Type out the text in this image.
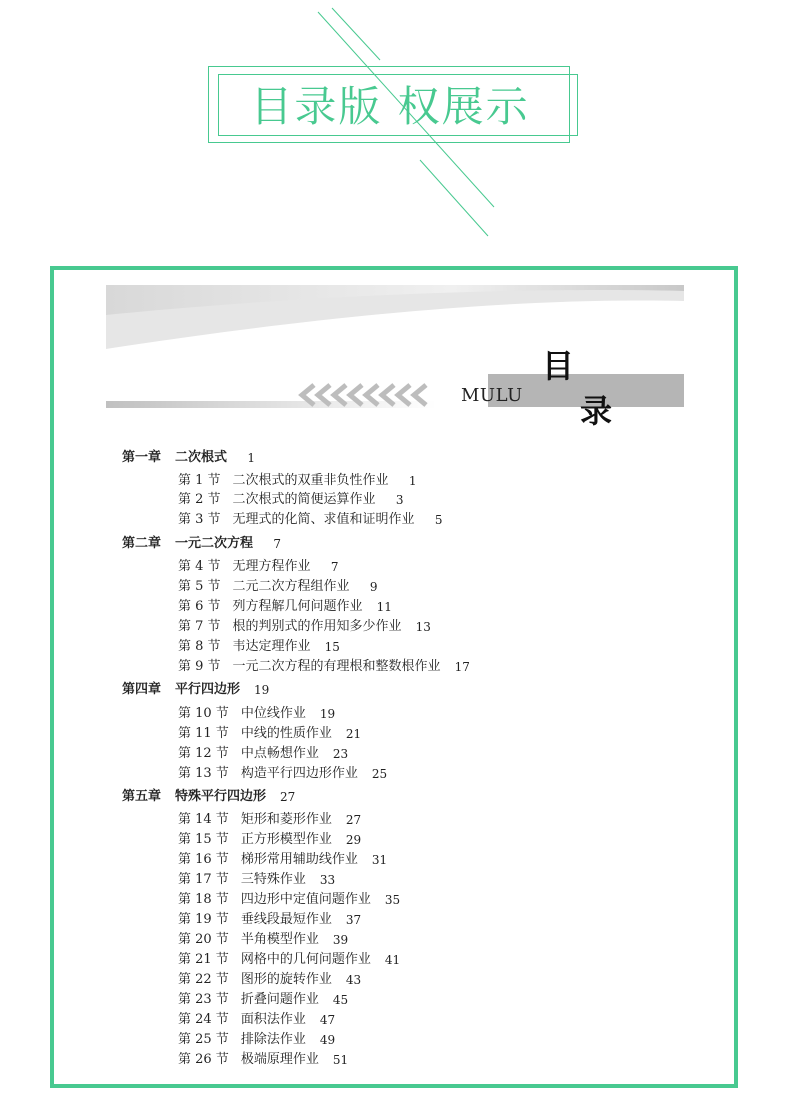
目录版 权展示
MULU
目
录
第一章 二次根式	1
第 1 节 二次根式的双重非负性作业	1
第 2 节 二次根式的简便运算作业	3
第 3 节 无理式的化简、求值和证明作业	5
第二章 一元二次方程	7
第 4 节 无理方程作业	7
第 5 节 二元二次方程组作业	9
第 6 节 列方程解几何问题作业 11
第 7 节 根的判别式的作用知多少作业 13
第 8 节 韦达定理作业 15
第 9 节 一元二次方程的有理根和整数根作业 17
第四章 平行四边形 19
第 10 节 中位线作业 19
第 11 节 中线的性质作业 21
第 12 节 中点畅想作业 23
第 13 节 构造平行四边形作业 25
第五章 特殊平行四边形 27
第 14 节 矩形和菱形作业 27
第 15 节 正方形模型作业 29
第 16 节 梯形常用辅助线作业 31
第 17 节 三特殊作业 33
第 18 节 四边形中定值问题作业 35
第 19 节 垂线段最短作业 37
第 20 节 半角模型作业 39
第 21 节 网格中的几何问题作业 41
第 22 节 图形的旋转作业 43
第 23 节 折叠问题作业 45
第 24 节 面积法作业 47
第 25 节 排除法作业 49
第 26 节 极端原理作业 51
